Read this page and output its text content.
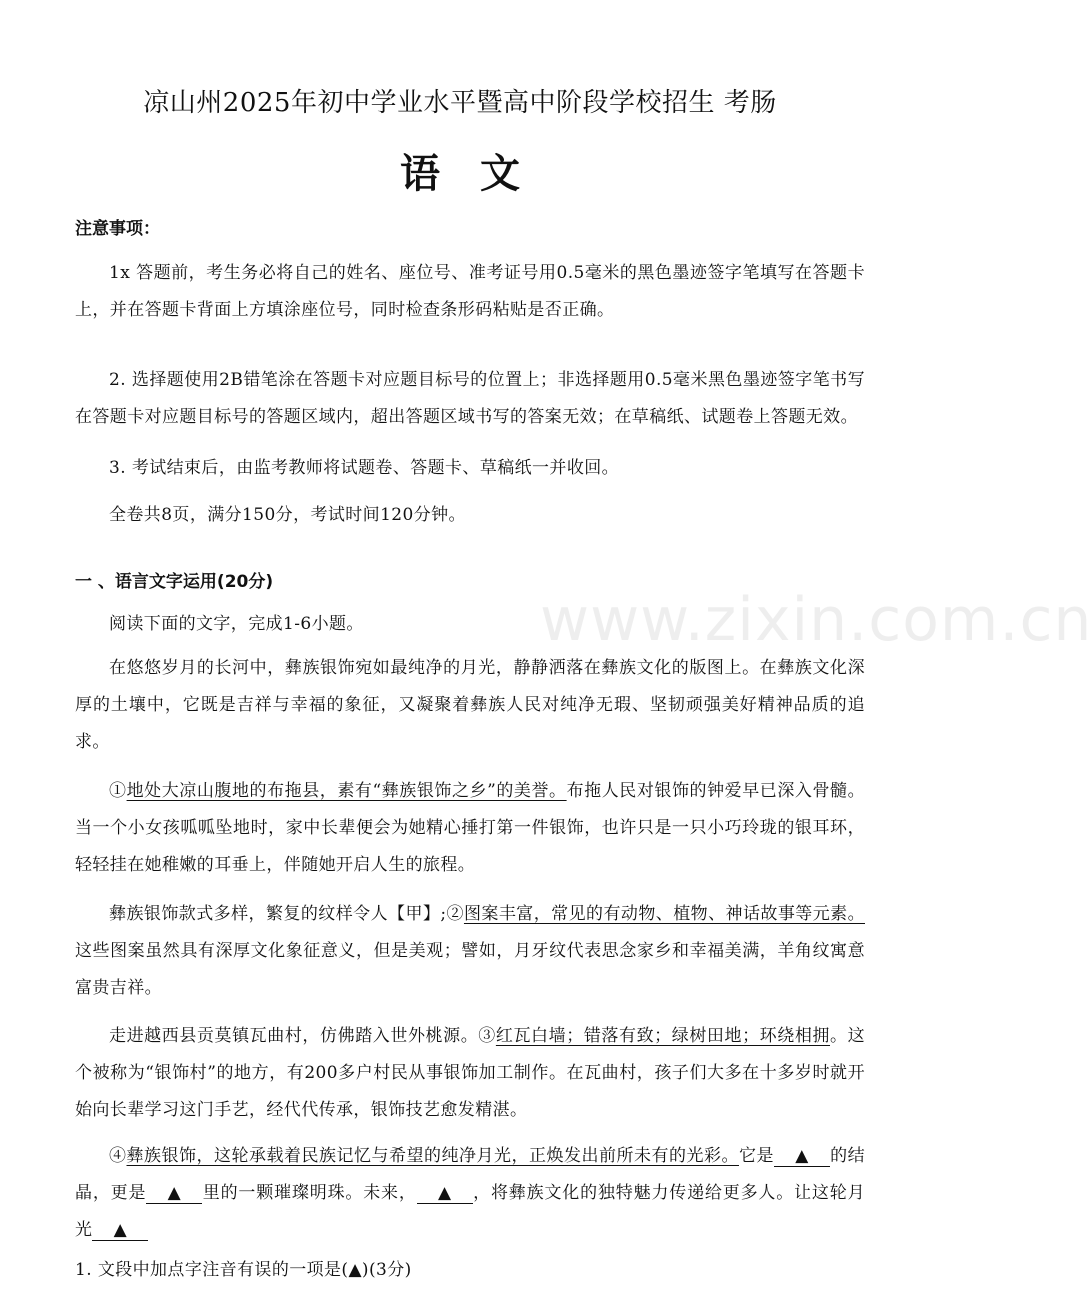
凉山州2025年初中学业水平暨高中阶段学校招生 考肠
语文
注意事项：
1x 答题前，考生务必将自己的姓名、座位号、准考证号用0.5毫米的黑色墨迹签字笔填写在答题卡上，并在答题卡背面上方填涂座位号，同时检查条形码粘贴是否正确。
2. 选择题使用2B错笔涂在答题卡对应题目标号的位置上；非选择题用0.5毫米黑色墨迹签字笔书写在答题卡对应题目标号的答题区域内，超出答题区域书写的答案无效；在草稿纸、试题卷上答题无效。
3. 考试结束后，由监考教师将试题卷、答题卡、草稿纸一并收回。
全卷共8页，满分150分，考试时间120分钟。
一 、语言文字运用(20分)
www.zixin.com.cn
阅读下面的文字，完成1-6小题。
在悠悠岁月的长河中，彝族银饰宛如最纯净的月光，静静洒落在彝族文化的版图上。在彝族文化深厚的土壤中，它既是吉祥与幸福的象征，又凝聚着彝族人民对纯净无瑕、坚韧顽强美好精神品质的追求。
①地处大凉山腹地的布拖县，素有“彝族银饰之乡”的美誉。布拖人民对银饰的钟爱早已深入骨髓。当一个小女孩呱呱坠地时，家中长辈便会为她精心捶打第一件银饰，也许只是一只小巧玲珑的银耳环，轻轻挂在她稚嫩的耳垂上，伴随她开启人生的旅程。
彝族银饰款式多样，繁复的纹样令人【甲】;②图案丰富，常见的有动物、植物、神话故事等元素。这些图案虽然具有深厚文化象征意义，但是美观；譬如，月牙纹代表思念家乡和幸福美满，羊角纹寓意富贵吉祥。
走进越西县贡莫镇瓦曲村，仿佛踏入世外桃源。③红瓦白墙；错落有致；绿树田地；环绕相拥。这个被称为“银饰村”的地方，有200多户村民从事银饰加工制作。在瓦曲村，孩子们大多在十多岁时就开始向长辈学习这门手艺，经代代传承，银饰技艺愈发精湛。
④彝族银饰，这轮承载着民族记忆与希望的纯净月光，正焕发出前所未有的光彩。它是 ▲ 的结晶，更是 ▲ 里的一颗璀璨明珠。未来， ▲ ，将彝族文化的独特魅力传递给更多人。让这轮月光 ▲
1. 文段中加点字注音有误的一项是(▲)(3分)
